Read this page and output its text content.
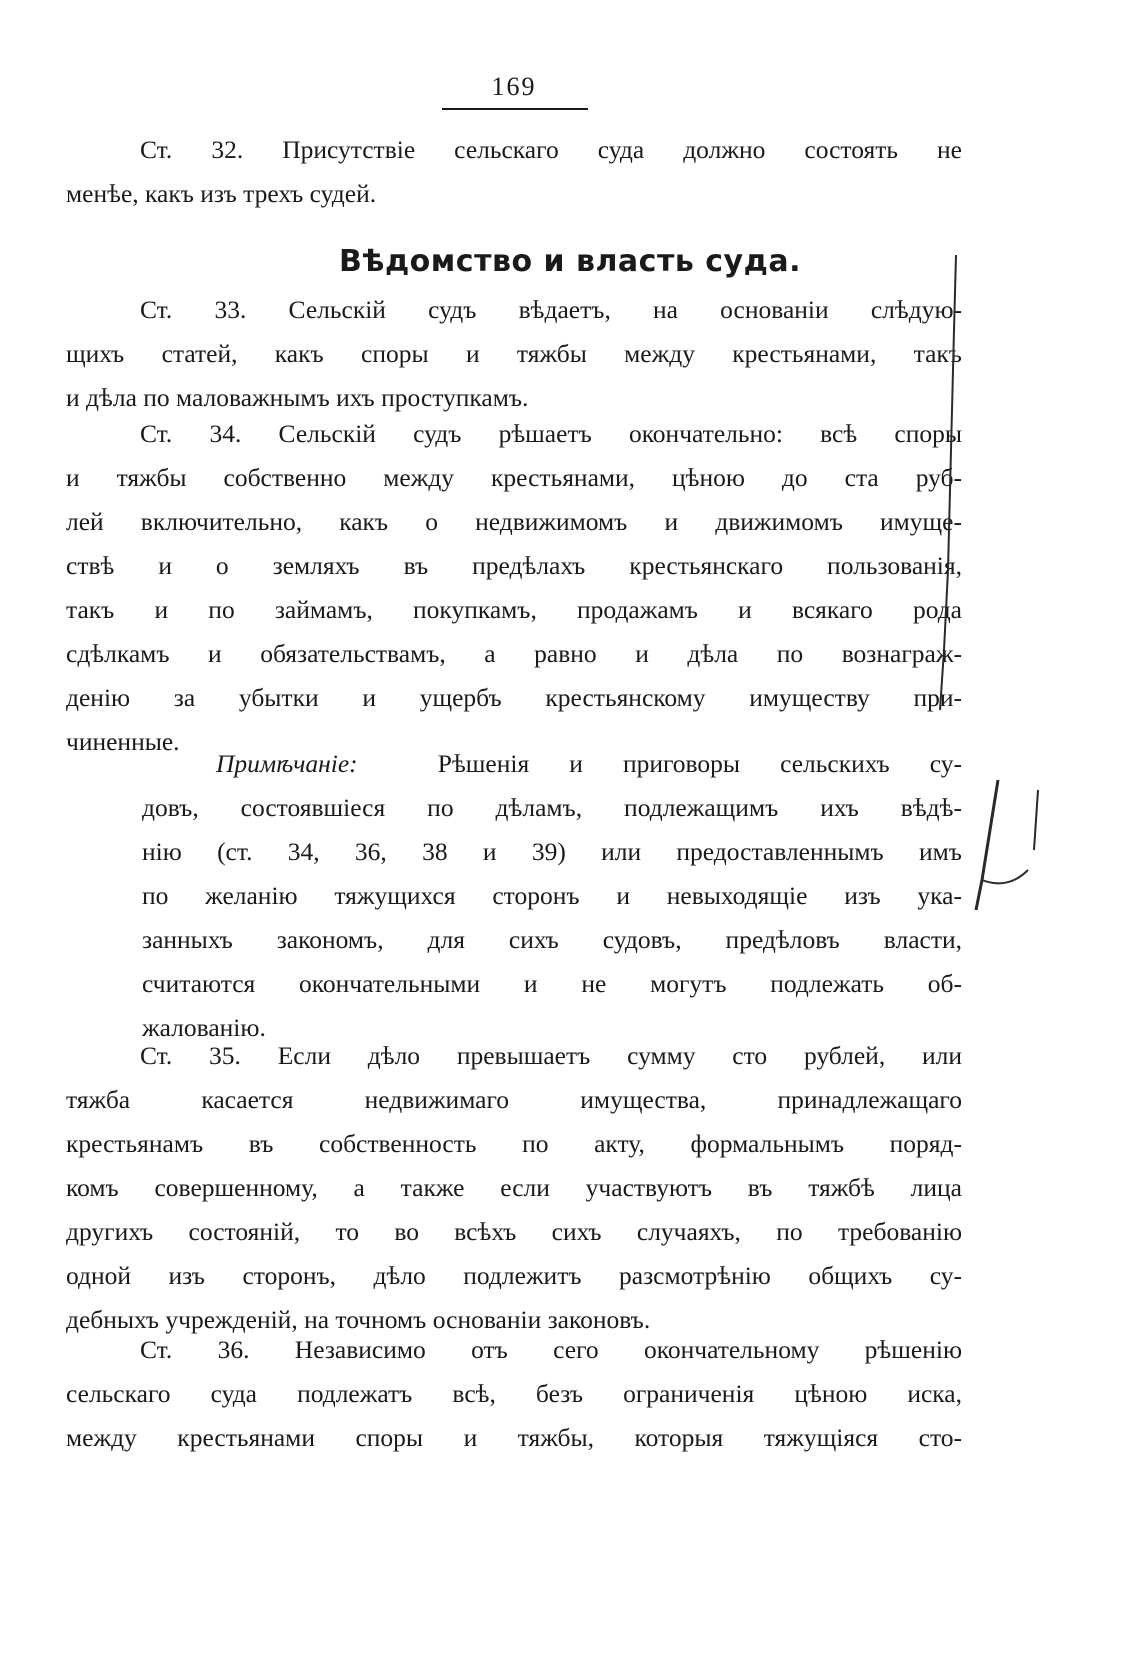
169
Ст. 32. Присутствіе сельскаго суда должно состоять не
менѣе, какъ изъ трехъ судей.
Вѣдомство и власть суда.
Ст. 33. Сельскій судъ вѣдаетъ, на основаніи слѣдую-
щихъ статей, какъ споры и тяжбы между крестьянами, такъ
и дѣла по маловажнымъ ихъ проступкамъ.
Ст. 34. Сельскій судъ рѣшаетъ окончательно: всѣ споры
и тяжбы собственно между крестьянами, цѣною до ста руб-
лей включительно, какъ о недвижимомъ и движимомъ имуще-
ствѣ и о земляхъ въ предѣлахъ крестьянскаго пользованія,
такъ и по займамъ, покупкамъ, продажамъ и всякаго рода
сдѣлкамъ и обязательствамъ, а равно и дѣла по вознаграж-
денію за убытки и ущербъ крестьянскому имуществу при-
чиненные.
Примѣчаніе:	Рѣшенія и приговоры сельскихъ су-
довъ, состоявшіеся по дѣламъ, подлежащимъ ихъ вѣдѣ-
нію (ст. 34, 36, 38 и 39) или предоставленнымъ имъ
по желанію тяжущихся сторонъ и невыходящіе изъ ука-
занныхъ закономъ, для сихъ судовъ, предѣловъ власти,
считаются окончательными и не могутъ подлежать об-
жалованію.
Ст. 35. Если дѣло превышаетъ сумму сто рублей, или
тяжба касается недвижимаго имущества, принадлежащаго
крестьянамъ въ собственность по акту, формальнымъ поряд-
комъ совершенному, а также если участвуютъ въ тяжбѣ лица
другихъ состояній, то во всѣхъ сихъ случаяхъ, по требованію
одной изъ сторонъ, дѣло подлежитъ разсмотрѣнію общихъ су-
дебныхъ учрежденій, на точномъ основаніи законовъ.
Ст. 36. Независимо отъ сего окончательному рѣшенію
сельскаго суда подлежатъ всѣ, безъ ограниченія цѣною иска,
между крестьянами споры и тяжбы, которыя тяжущіяся сто-
